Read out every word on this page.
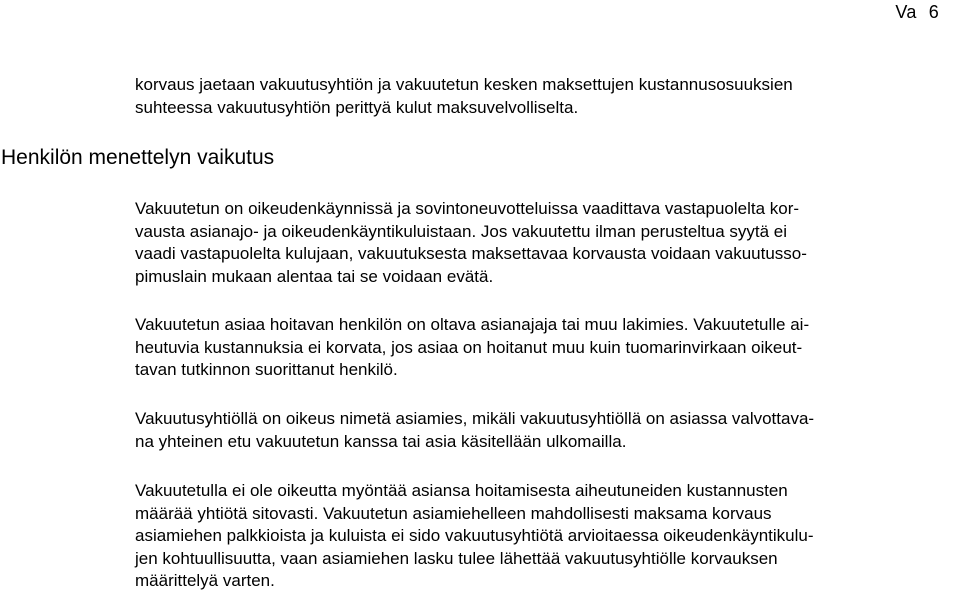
Va 6
korvaus jaetaan vakuutusyhtiön ja vakuutetun kesken maksettujen kustannusosuuksien
suhteessa vakuutusyhtiön perittyä kulut maksuvelvolliselta.
Henkilön menettelyn vaikutus
Vakuutetun on oikeudenkäynnissä ja sovintoneuvotteluissa vaadittava vastapuolelta kor-
vausta asianajo- ja oikeudenkäyntikuluistaan. Jos vakuutettu ilman perusteltua syytä ei
vaadi vastapuolelta kulujaan, vakuutuksesta maksettavaa korvausta voidaan vakuutusso-
pimuslain mukaan alentaa tai se voidaan evätä.
Vakuutetun asiaa hoitavan henkilön on oltava asianajaja tai muu lakimies. Vakuutetulle ai-
heutuvia kustannuksia ei korvata, jos asiaa on hoitanut muu kuin tuomarinvirkaan oikeut-
tavan tutkinnon suorittanut henkilö.
Vakuutusyhtiöllä on oikeus nimetä asiamies, mikäli vakuutusyhtiöllä on asiassa valvottava-
na yhteinen etu vakuutetun kanssa tai asia käsitellään ulkomailla.
Vakuutetulla ei ole oikeutta myöntää asiansa hoitamisesta aiheutuneiden kustannusten
määrää yhtiötä sitovasti. Vakuutetun asiamiehelleen mahdollisesti maksama korvaus
asiamiehen palkkioista ja kuluista ei sido vakuutusyhtiötä arvioitaessa oikeudenkäyntikulu-
jen kohtuullisuutta, vaan asiamiehen lasku tulee lähettää vakuutusyhtiölle korvauksen
määrittelyä varten.
